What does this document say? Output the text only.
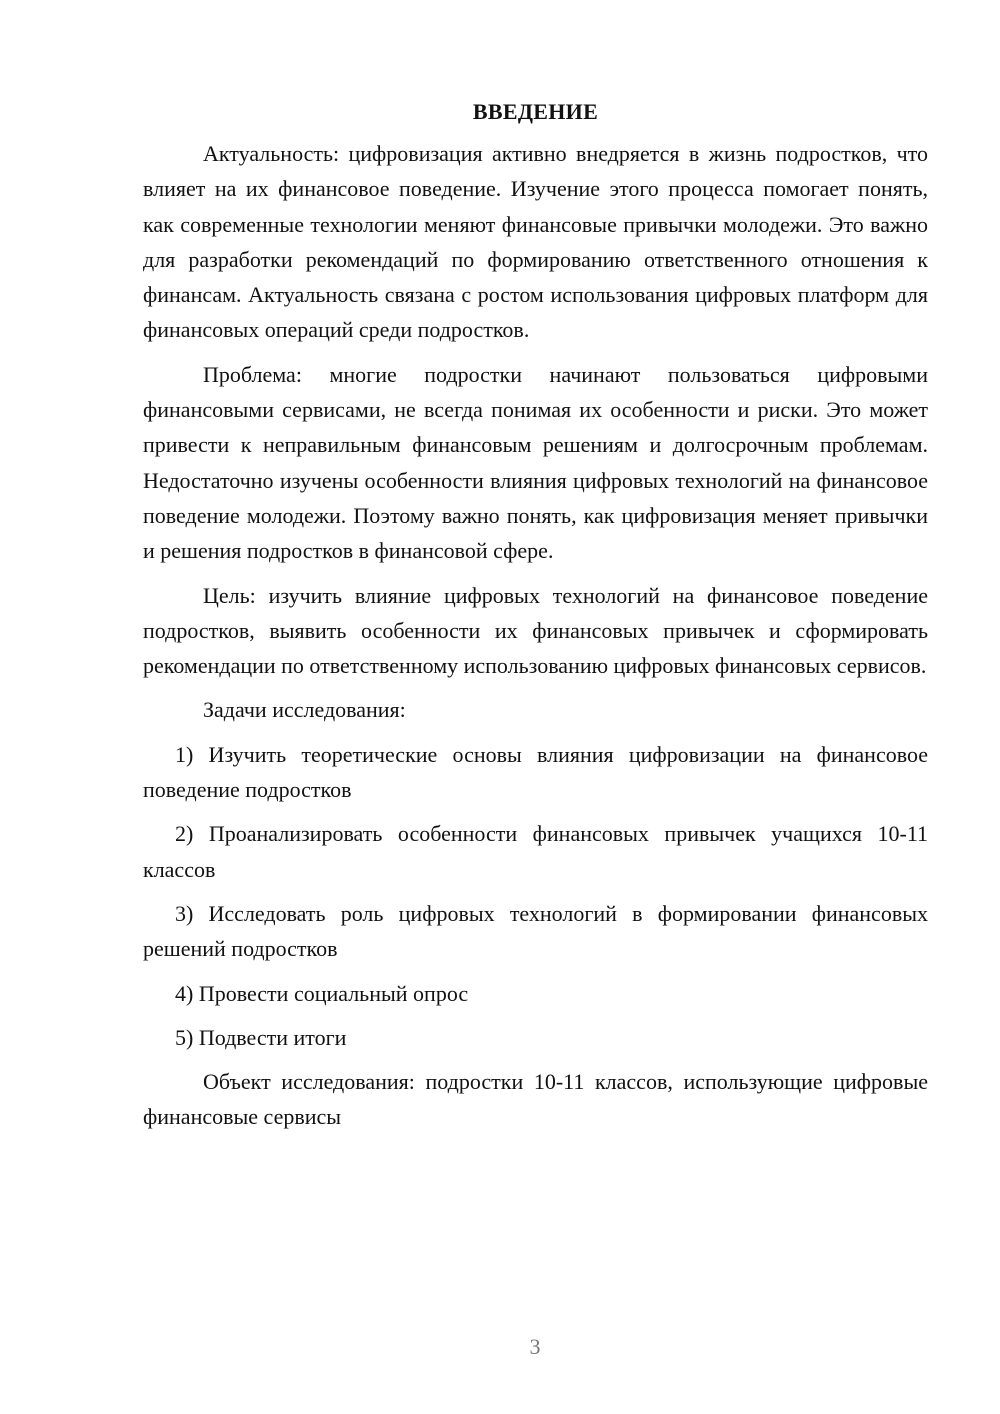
ВВЕДЕНИЕ

Актуальность: цифровизация активно внедряется в жизнь подростков, что влияет на их финансовое поведение. Изучение этого процесса помогает понять, как современные технологии меняют финансовые привычки молодежи. Это важно для разработки рекомендаций по формированию ответственного отношения к финансам. Актуальность связана с ростом использования цифровых платформ для финансовых операций среди подростков.

Проблема: многие подростки начинают пользоваться цифровыми финансовыми сервисами, не всегда понимая их особенности и риски. Это может привести к неправильным финансовым решениям и долгосрочным проблемам. Недостаточно изучены особенности влияния цифровых технологий на финансовое поведение молодежи. Поэтому важно понять, как цифровизация меняет привычки и решения подростков в финансовой сфере.

Цель: изучить влияние цифровых технологий на финансовое поведение подростков, выявить особенности их финансовых привычек и сформировать рекомендации по ответственному использованию цифровых финансовых сервисов.

Задачи исследования:

1) Изучить теоретические основы влияния цифровизации на финансовое поведение подростков

2) Проанализировать особенности финансовых привычек учащихся 10-11 классов

3) Исследовать роль цифровых технологий в формировании финансовых решений подростков

4) Провести социальный опрос

5) Подвести итоги

Объект исследования: подростки 10-11 классов, использующие цифровые финансовые сервисы

3
